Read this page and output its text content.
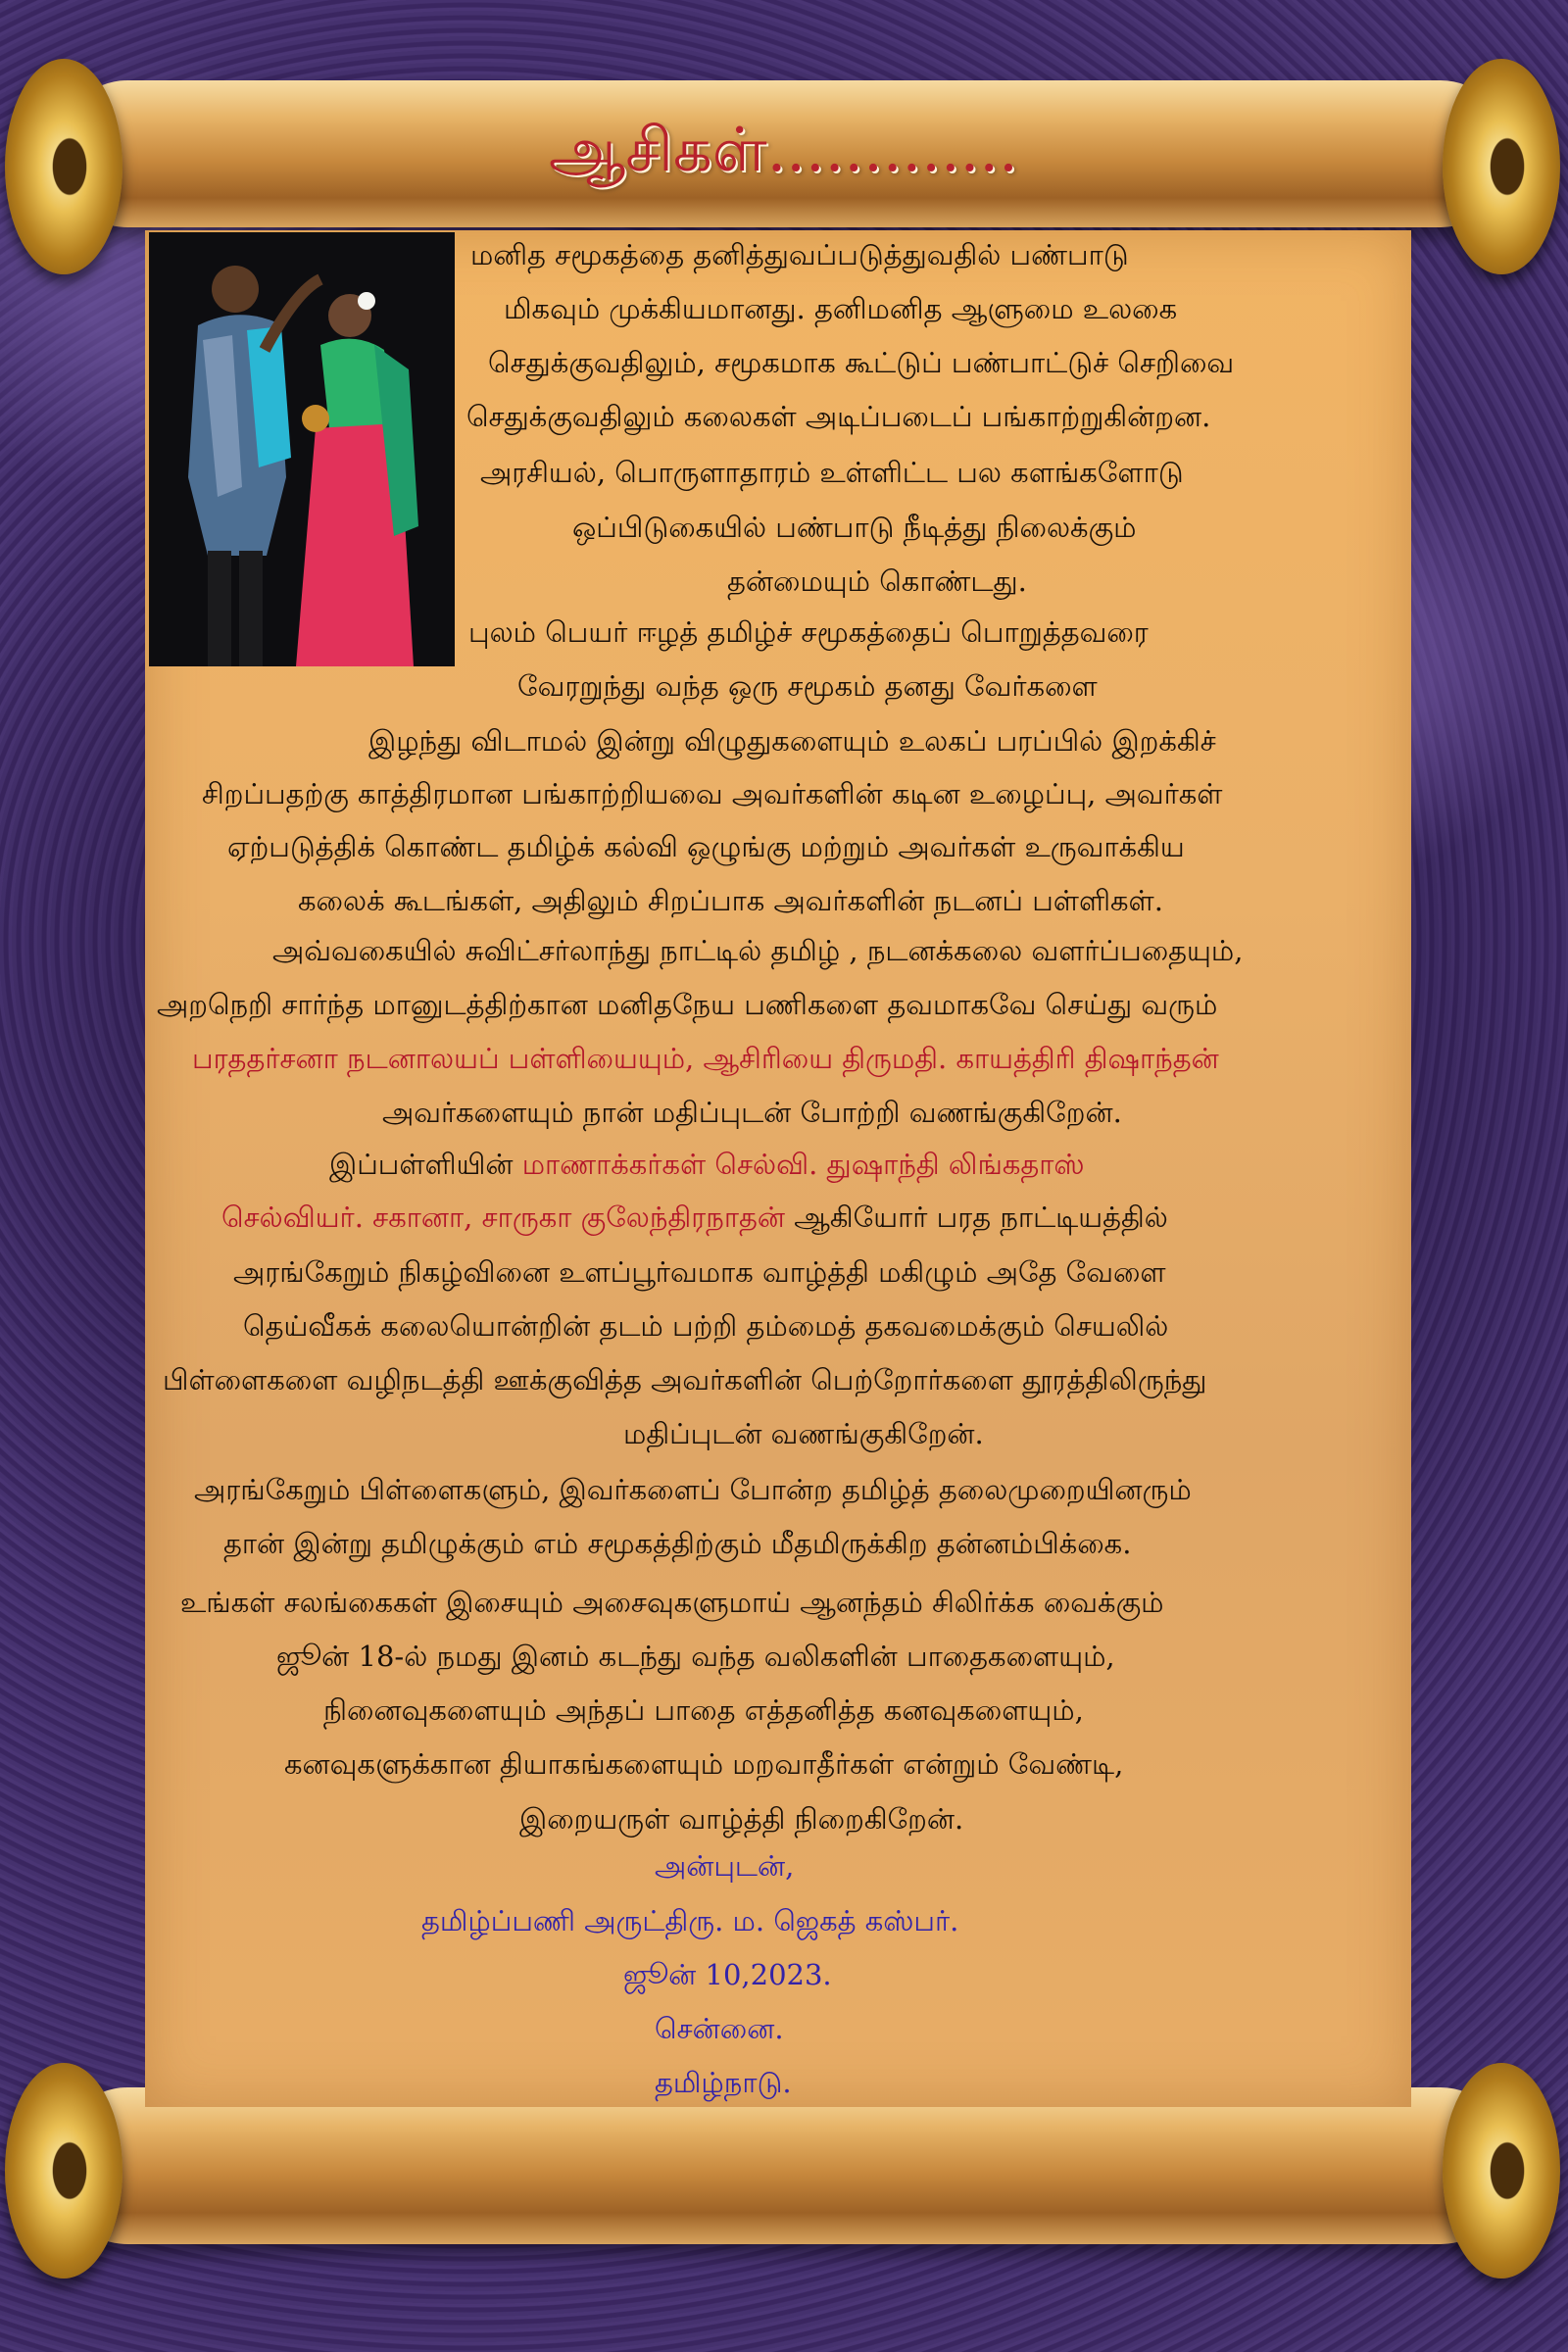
ஆசிகள்.............
மனித சமூகத்தை தனித்துவப்படுத்துவதில் பண்பாடு
மிகவும் முக்கியமானது. தனிமனித ஆளுமை உலகை
செதுக்குவதிலும், சமூகமாக கூட்டுப் பண்பாட்டுச் செறிவை
செதுக்குவதிலும் கலைகள் அடிப்படைப் பங்காற்றுகின்றன.
அரசியல், பொருளாதாரம் உள்ளிட்ட பல களங்களோடு
ஒப்பிடுகையில் பண்பாடு நீடித்து நிலைக்கும்
தன்மையும் கொண்டது.
புலம் பெயர் ஈழத் தமிழ்ச் சமூகத்தைப் பொறுத்தவரை
வேரறுந்து வந்த ஒரு சமூகம் தனது வேர்களை
இழந்து விடாமல் இன்று விழுதுகளையும் உலகப் பரப்பில் இறக்கிச்
சிறப்பதற்கு காத்திரமான பங்காற்றியவை அவர்களின் கடின உழைப்பு, அவர்கள்
ஏற்படுத்திக் கொண்ட தமிழ்க் கல்வி ஒழுங்கு மற்றும் அவர்கள் உருவாக்கிய
கலைக் கூடங்கள், அதிலும் சிறப்பாக அவர்களின் நடனப் பள்ளிகள்.
அவ்வகையில் சுவிட்சர்லாந்து நாட்டில் தமிழ் , நடனக்கலை வளர்ப்பதையும்,
அறநெறி சார்ந்த மானுடத்திற்கான மனிதநேய பணிகளை தவமாகவே செய்து வரும்
பரததர்சனா நடனாலயப் பள்ளியையும், ஆசிரியை திருமதி. காயத்திரி திஷாந்தன்
அவர்களையும் நான் மதிப்புடன் போற்றி வணங்குகிறேன்.
இப்பள்ளியின் மாணாக்கர்கள் செல்வி. துஷாந்தி லிங்கதாஸ்
செல்வியர். சகானா, சாருகா குலேந்திரநாதன் ஆகியோர் பரத நாட்டியத்தில்
அரங்கேறும் நிகழ்வினை உளப்பூர்வமாக வாழ்த்தி மகிழும் அதே வேளை
தெய்வீகக் கலையொன்றின் தடம் பற்றி தம்மைத் தகவமைக்கும் செயலில்
பிள்ளைகளை வழிநடத்தி ஊக்குவித்த அவர்களின் பெற்றோர்களை தூரத்திலிருந்து
மதிப்புடன் வணங்குகிறேன்.
அரங்கேறும் பிள்ளைகளும், இவர்களைப் போன்ற தமிழ்த் தலைமுறையினரும்
தான் இன்று தமிழுக்கும் எம் சமூகத்திற்கும் மீதமிருக்கிற தன்னம்பிக்கை.
உங்கள் சலங்கைகள் இசையும் அசைவுகளுமாய் ஆனந்தம் சிலிர்க்க வைக்கும்
ஜூன் 18-ல் நமது இனம் கடந்து வந்த வலிகளின் பாதைகளையும்,
நினைவுகளையும் அந்தப் பாதை எத்தனித்த கனவுகளையும்,
கனவுகளுக்கான தியாகங்களையும் மறவாதீர்கள் என்றும் வேண்டி,
இறையருள் வாழ்த்தி நிறைகிறேன்.
அன்புடன்,
தமிழ்ப்பணி அருட்திரு. ம. ஜெகத் கஸ்பர்.
ஜூன் 10,2023.
சென்னை.
தமிழ்நாடு.
